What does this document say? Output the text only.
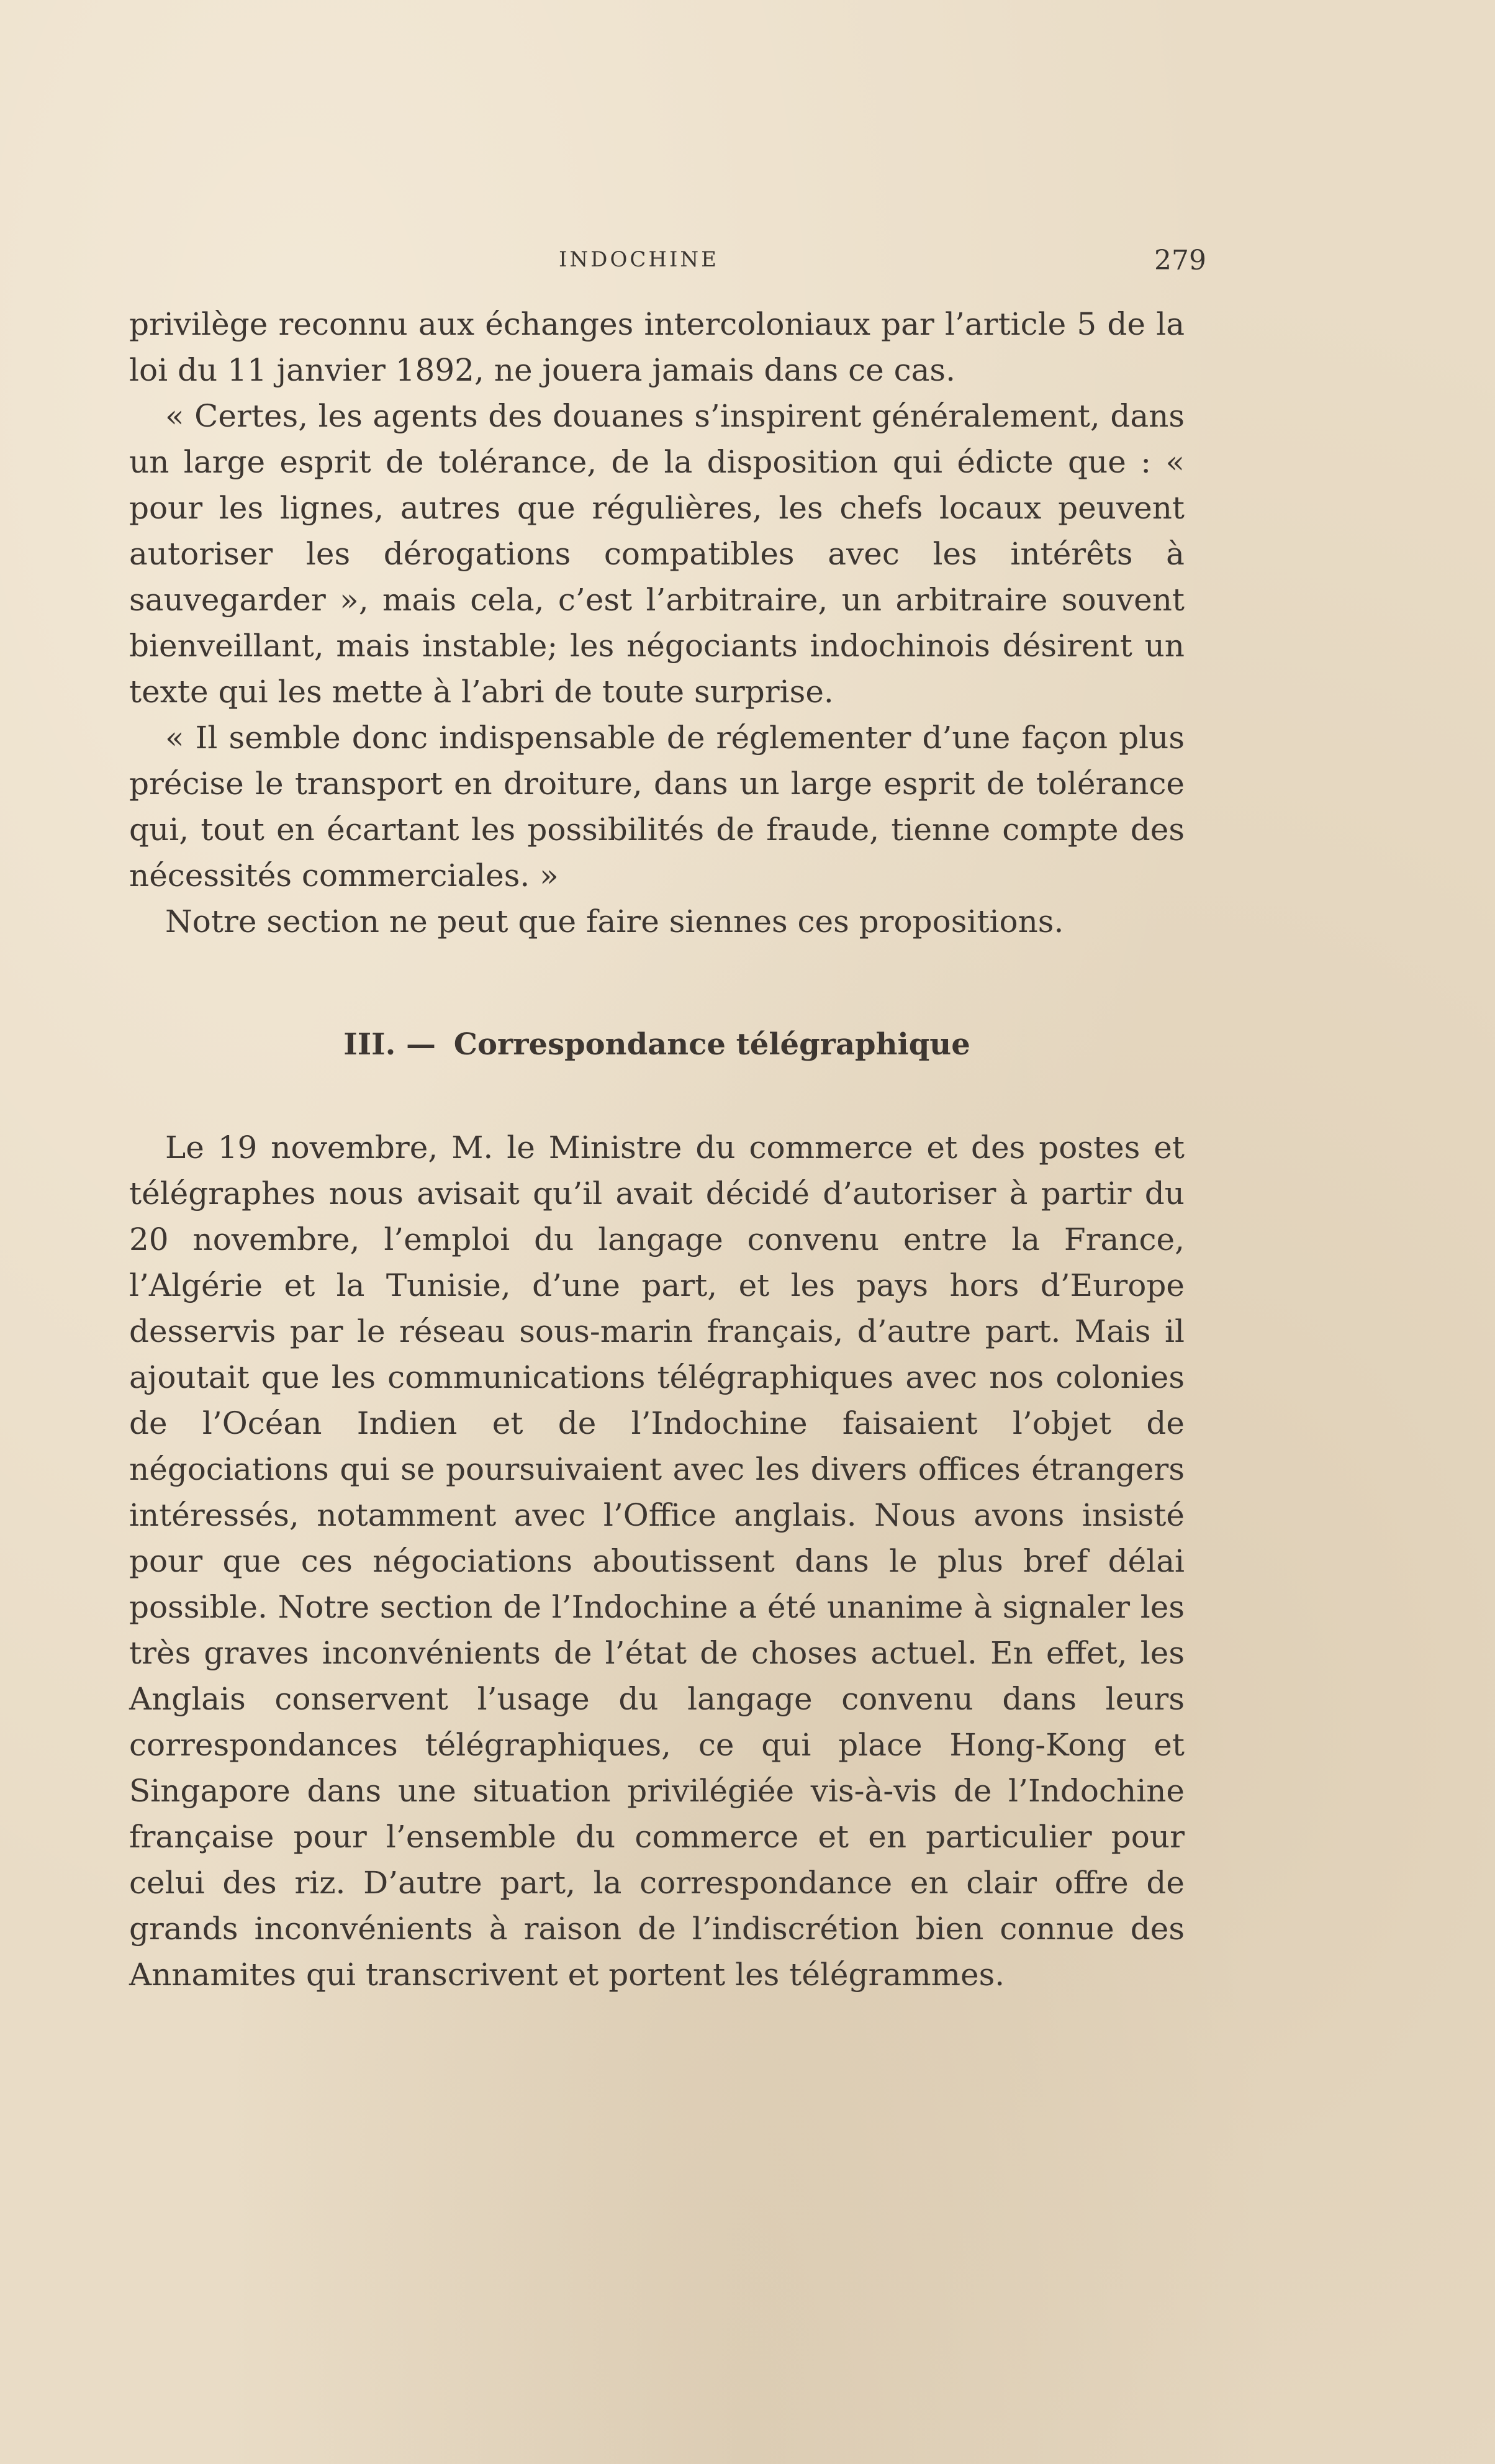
INDOCHINE	279

privilège reconnu aux échanges intercoloniaux par l’article 5 de la loi du 11 janvier 1892, ne jouera jamais dans ce cas.

« Certes, les agents des douanes s’inspirent généralement, dans un large esprit de tolérance, de la disposition qui édicte que : « pour les lignes, autres que régulières, les chefs locaux peuvent autoriser les dérogations compatibles avec les intérêts à sauvegarder », mais cela, c’est l’arbitraire, un arbitraire souvent bienveillant, mais instable; les négociants indochinois désirent un texte qui les mette à l’abri de toute surprise.

« Il semble donc indispensable de réglementer d’une façon plus précise le transport en droiture, dans un large esprit de tolérance qui, tout en écartant les possibilités de fraude, tienne compte des nécessités commerciales. »

Notre section ne peut que faire siennes ces propositions.

III. — Correspondance télégraphique

Le 19 novembre, M. le Ministre du commerce et des postes et télégraphes nous avisait qu’il avait décidé d’autoriser à partir du 20 novembre, l’emploi du langage convenu entre la France, l’Algérie et la Tunisie, d’une part, et les pays hors d’Europe desservis par le réseau sous-marin français, d’autre part. Mais il ajoutait que les communications télégraphiques avec nos colonies de l’Océan Indien et de l’Indochine faisaient l’objet de négociations qui se poursuivaient avec les divers offices étrangers intéressés, notamment avec l’Office anglais. Nous avons insisté pour que ces négociations aboutissent dans le plus bref délai possible. Notre section de l’Indochine a été unanime à signaler les très graves inconvénients de l’état de choses actuel. En effet, les Anglais conservent l’usage du langage convenu dans leurs correspondances télégraphiques, ce qui place Hong-Kong et Singapore dans une situation privilégiée vis-à-vis de l’Indochine française pour l’ensemble du commerce et en particulier pour celui des riz. D’autre part, la correspondance en clair offre de grands inconvénients à raison de l’indiscrétion bien connue des Annamites qui transcrivent et portent les télégrammes.
